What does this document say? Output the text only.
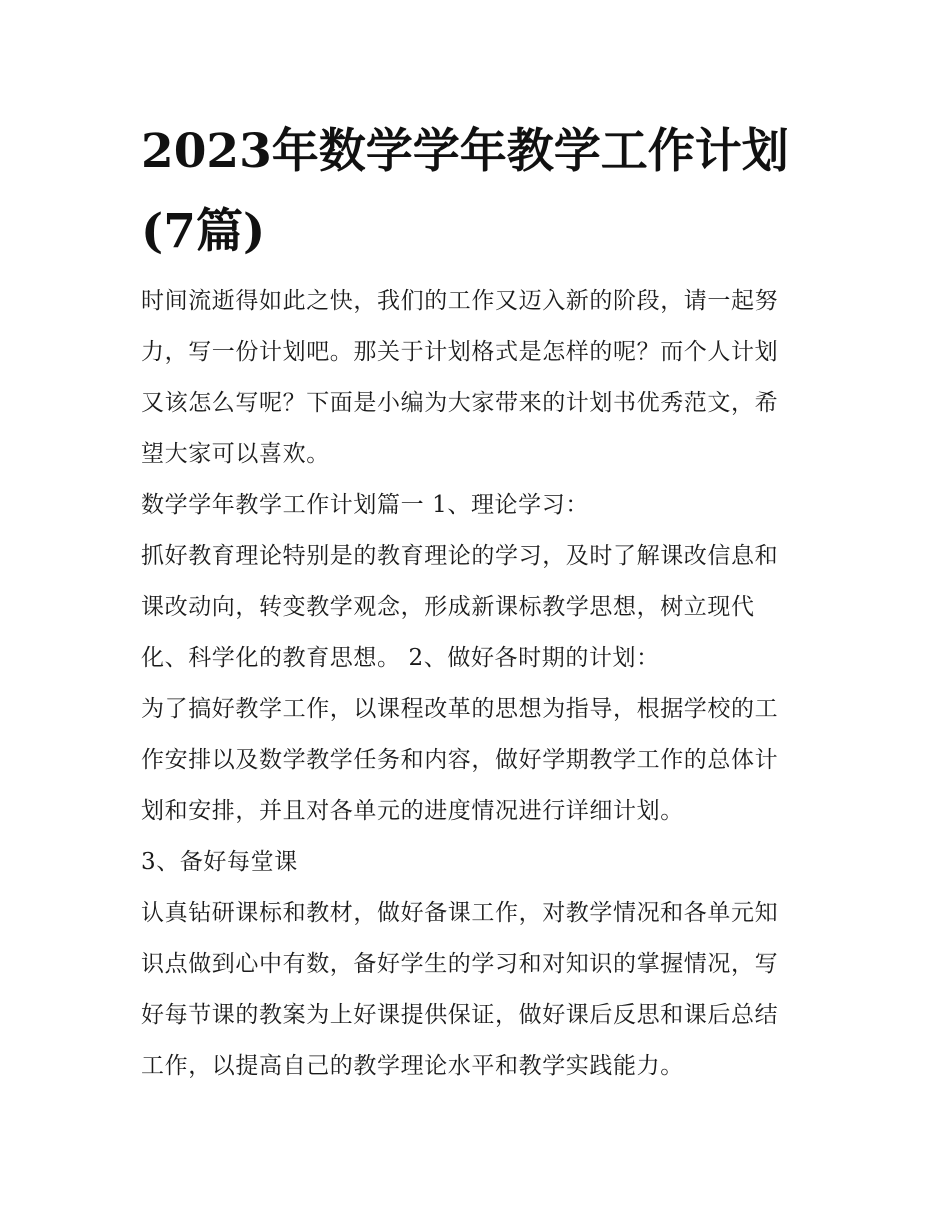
2023年数学学年教学工作计划
(7篇)

时间流逝得如此之快，我们的工作又迈入新的阶段，请一起努

力，写一份计划吧。那关于计划格式是怎样的呢？而个人计划

又该怎么写呢？下面是小编为大家带来的计划书优秀范文，希

望大家可以喜欢。

数学学年教学工作计划篇一 1、理论学习：

抓好教育理论特别是的教育理论的学习，及时了解课改信息和

课改动向，转变教学观念，形成新课标教学思想，树立现代

化、科学化的教育思想。 2、做好各时期的计划：

为了搞好教学工作，以课程改革的思想为指导，根据学校的工

作安排以及数学教学任务和内容，做好学期教学工作的总体计

划和安排，并且对各单元的进度情况进行详细计划。

3、备好每堂课

认真钻研课标和教材，做好备课工作，对教学情况和各单元知

识点做到心中有数，备好学生的学习和对知识的掌握情况，写

好每节课的教案为上好课提供保证，做好课后反思和课后总结

工作，以提高自己的教学理论水平和教学实践能力。
